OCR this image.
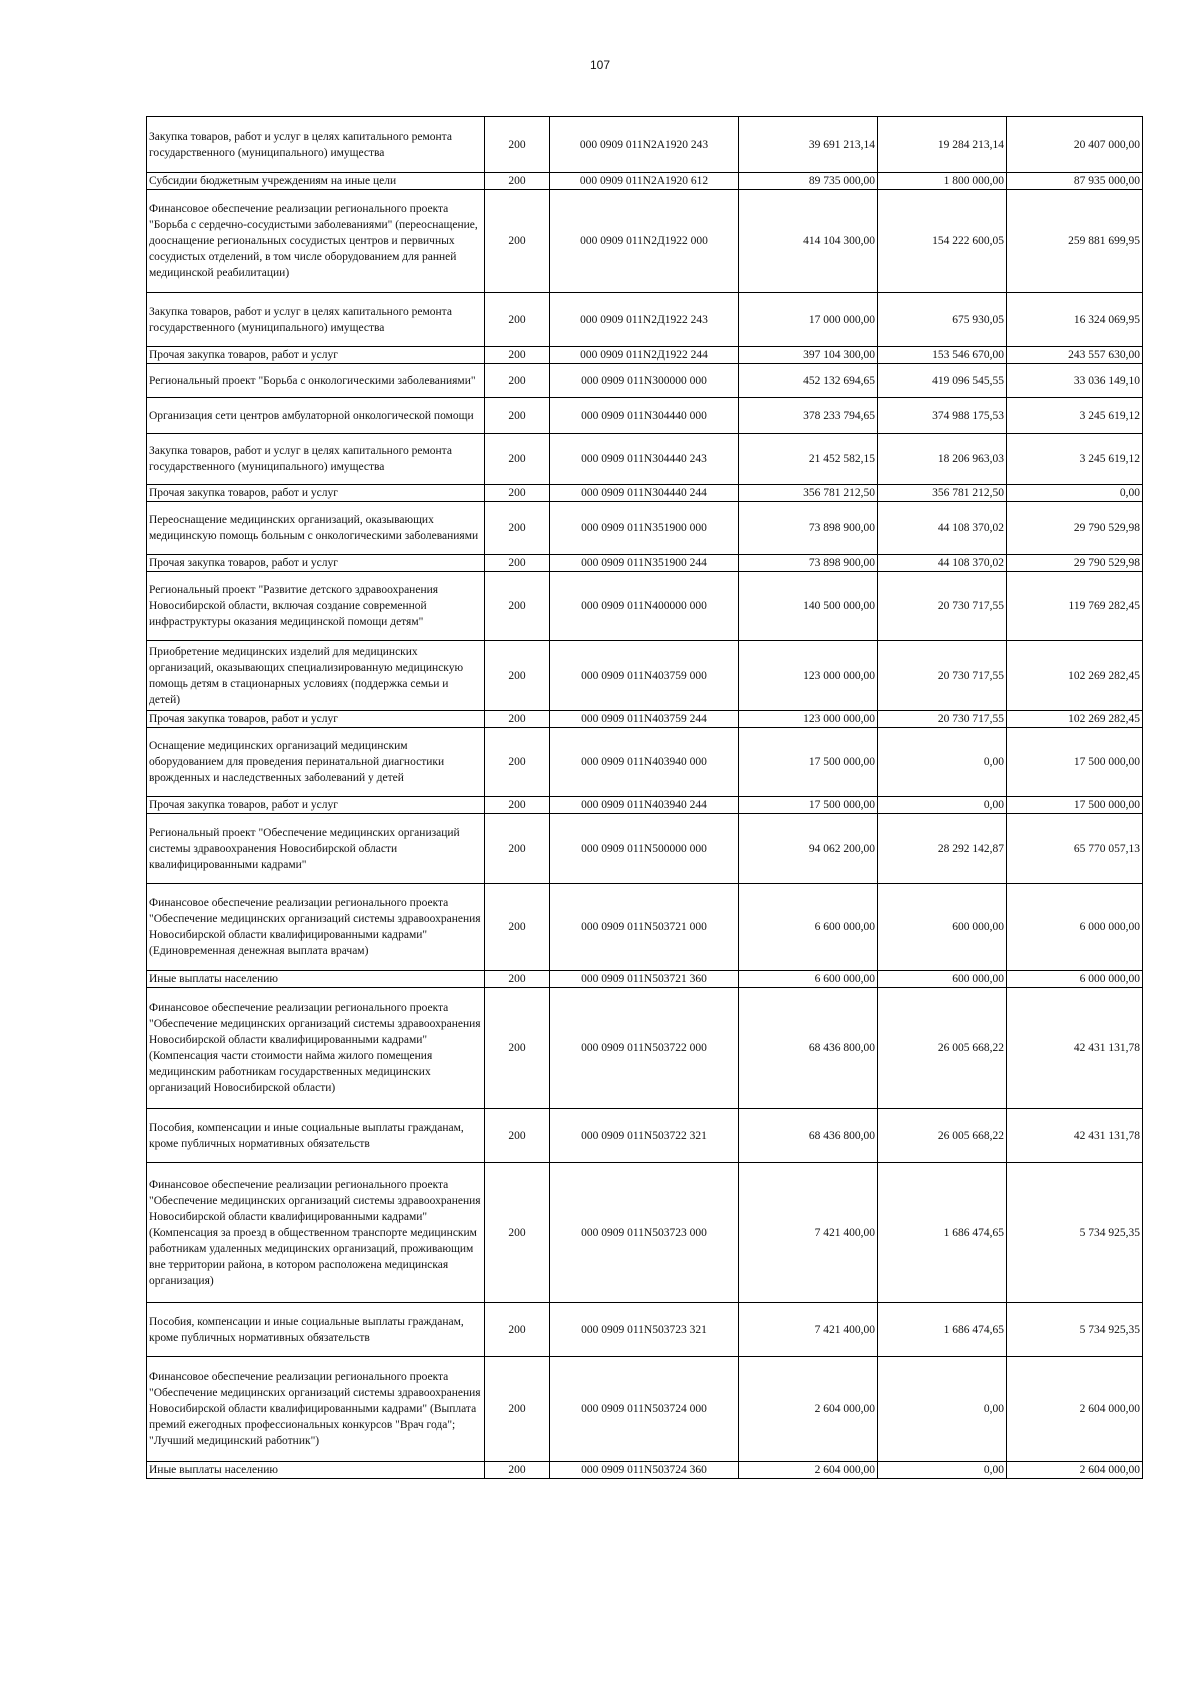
107
Закупка товаров, работ и услуг в целях капитального ремонта государственного (муниципального) имущества	200	000 0909 011N2A1920 243	39 691 213,14	19 284 213,14	20 407 000,00
Субсидии бюджетным учреждениям на иные цели	200	000 0909 011N2A1920 612	89 735 000,00	1 800 000,00	87 935 000,00
Финансовое обеспечение реализации регионального проекта "Борьба с сердечно-сосудистыми заболеваниями" (переоснащение, дооснащение региональных сосудистых центров и первичных сосудистых отделений, в том числе оборудованием для ранней медицинской реабилитации)	200	000 0909 011N2Д1922 000	414 104 300,00	154 222 600,05	259 881 699,95
Закупка товаров, работ и услуг в целях капитального ремонта государственного (муниципального) имущества	200	000 0909 011N2Д1922 243	17 000 000,00	675 930,05	16 324 069,95
Прочая закупка товаров, работ и услуг	200	000 0909 011N2Д1922 244	397 104 300,00	153 546 670,00	243 557 630,00
Региональный проект "Борьба с онкологическими заболеваниями"	200	000 0909 011N300000 000	452 132 694,65	419 096 545,55	33 036 149,10
Организация сети центров амбулаторной онкологической помощи	200	000 0909 011N304440 000	378 233 794,65	374 988 175,53	3 245 619,12
Закупка товаров, работ и услуг в целях капитального ремонта государственного (муниципального) имущества	200	000 0909 011N304440 243	21 452 582,15	18 206 963,03	3 245 619,12
Прочая закупка товаров, работ и услуг	200	000 0909 011N304440 244	356 781 212,50	356 781 212,50	0,00
Переоснащение медицинских организаций, оказывающих медицинскую помощь больным с онкологическими заболеваниями	200	000 0909 011N351900 000	73 898 900,00	44 108 370,02	29 790 529,98
Прочая закупка товаров, работ и услуг	200	000 0909 011N351900 244	73 898 900,00	44 108 370,02	29 790 529,98
Региональный проект "Развитие детского здравоохранения Новосибирской области, включая создание современной инфраструктуры оказания медицинской помощи детям"	200	000 0909 011N400000 000	140 500 000,00	20 730 717,55	119 769 282,45
Приобретение медицинских изделий для медицинских организаций, оказывающих специализированную медицинскую помощь детям в стационарных условиях (поддержка семьи и детей)	200	000 0909 011N403759 000	123 000 000,00	20 730 717,55	102 269 282,45
Прочая закупка товаров, работ и услуг	200	000 0909 011N403759 244	123 000 000,00	20 730 717,55	102 269 282,45
Оснащение медицинских организаций медицинским оборудованием для проведения перинатальной диагностики врожденных и наследственных заболеваний у детей	200	000 0909 011N403940 000	17 500 000,00	0,00	17 500 000,00
Прочая закупка товаров, работ и услуг	200	000 0909 011N403940 244	17 500 000,00	0,00	17 500 000,00
Региональный проект "Обеспечение медицинских организаций системы здравоохранения Новосибирской области квалифицированными кадрами"	200	000 0909 011N500000 000	94 062 200,00	28 292 142,87	65 770 057,13
Финансовое обеспечение реализации регионального проекта "Обеспечение медицинских организаций системы здравоохранения Новосибирской области квалифицированными кадрами" (Единовременная денежная выплата врачам)	200	000 0909 011N503721 000	6 600 000,00	600 000,00	6 000 000,00
Иные выплаты населению	200	000 0909 011N503721 360	6 600 000,00	600 000,00	6 000 000,00
Финансовое обеспечение реализации регионального проекта "Обеспечение медицинских организаций системы здравоохранения Новосибирской области квалифицированными кадрами" (Компенсация части стоимости найма жилого помещения медицинским работникам государственных медицинских организаций Новосибирской области)	200	000 0909 011N503722 000	68 436 800,00	26 005 668,22	42 431 131,78
Пособия, компенсации и иные социальные выплаты гражданам, кроме публичных нормативных обязательств	200	000 0909 011N503722 321	68 436 800,00	26 005 668,22	42 431 131,78
Финансовое обеспечение реализации регионального проекта "Обеспечение медицинских организаций системы здравоохранения Новосибирской области квалифицированными кадрами" (Компенсация за проезд в общественном транспорте медицинским работникам удаленных медицинских организаций, проживающим вне территории района, в котором расположена медицинская организация)	200	000 0909 011N503723 000	7 421 400,00	1 686 474,65	5 734 925,35
Пособия, компенсации и иные социальные выплаты гражданам, кроме публичных нормативных обязательств	200	000 0909 011N503723 321	7 421 400,00	1 686 474,65	5 734 925,35
Финансовое обеспечение реализации регионального проекта "Обеспечение медицинских организаций системы здравоохранения Новосибирской области квалифицированными кадрами" (Выплата премий ежегодных профессиональных конкурсов "Врач года"; "Лучший медицинский работник")	200	000 0909 011N503724 000	2 604 000,00	0,00	2 604 000,00
Иные выплаты населению	200	000 0909 011N503724 360	2 604 000,00	0,00	2 604 000,00
